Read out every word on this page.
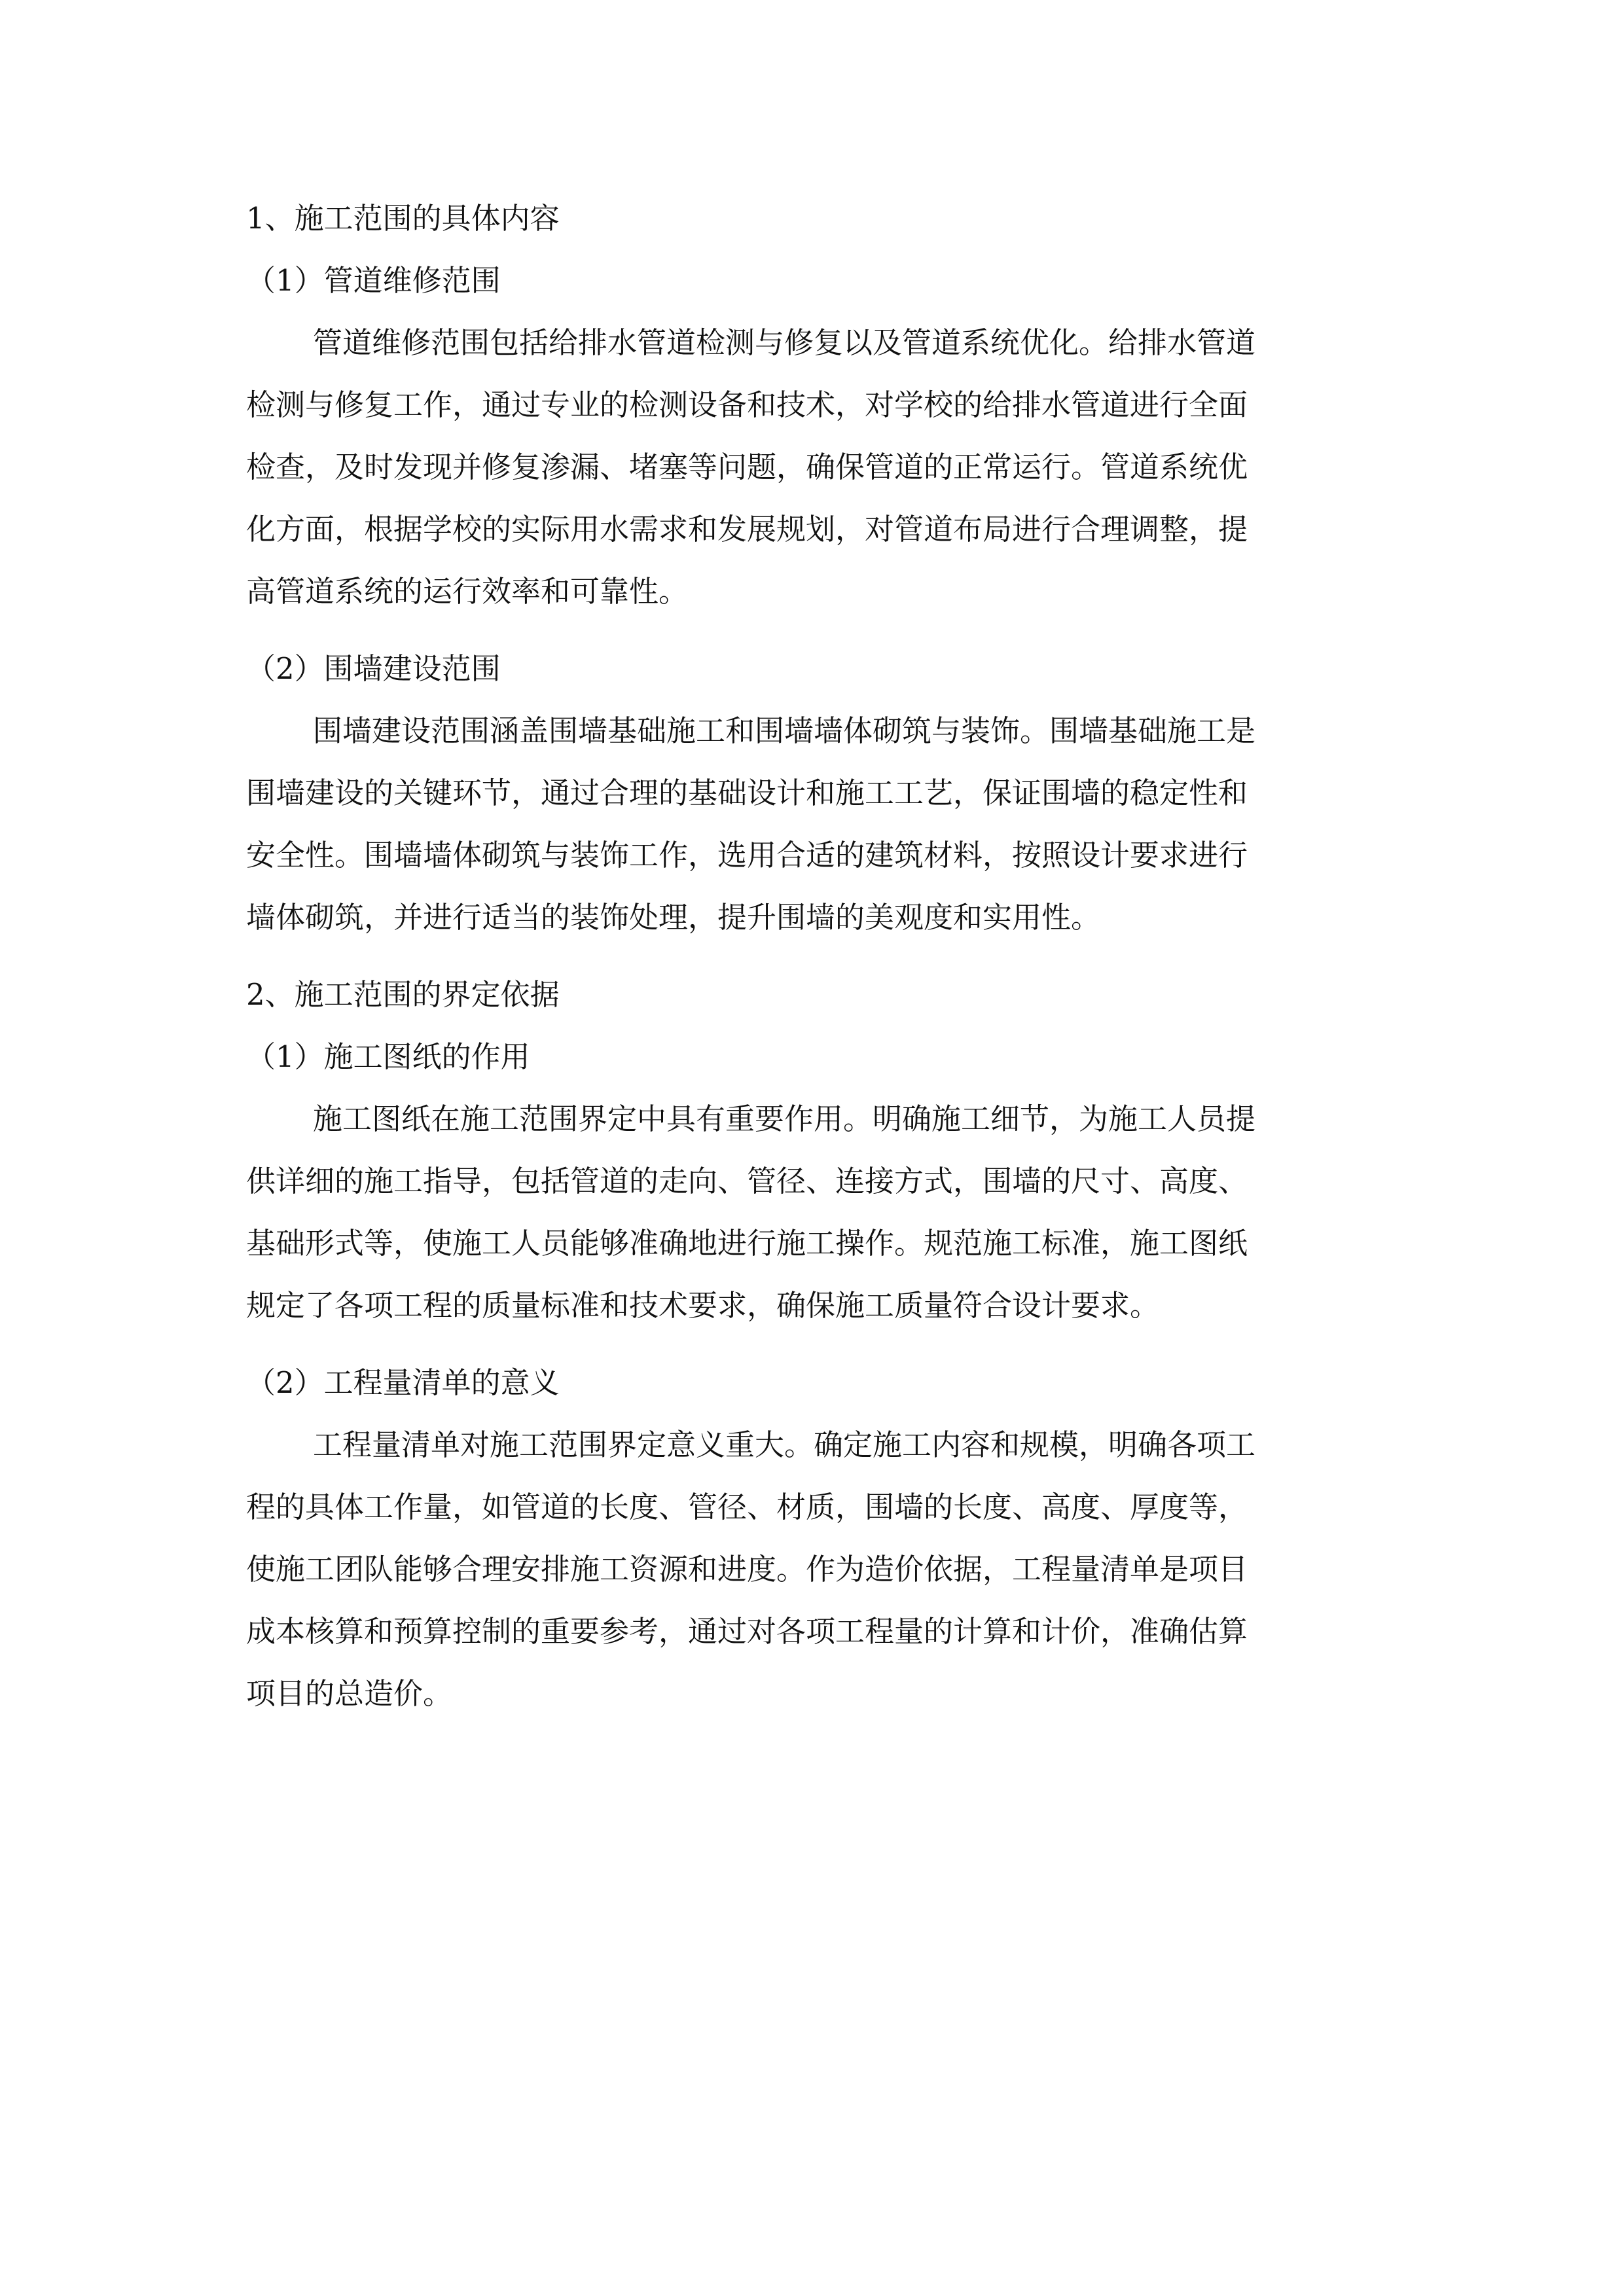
1、施工范围的具体内容
（1）管道维修范围
管道维修范围包括给排水管道检测与修复以及管道系统优化。给排水管道
检测与修复工作，通过专业的检测设备和技术，对学校的给排水管道进行全面
检查，及时发现并修复渗漏、堵塞等问题，确保管道的正常运行。管道系统优
化方面，根据学校的实际用水需求和发展规划，对管道布局进行合理调整，提
高管道系统的运行效率和可靠性。
（2）围墙建设范围
围墙建设范围涵盖围墙基础施工和围墙墙体砌筑与装饰。围墙基础施工是
围墙建设的关键环节，通过合理的基础设计和施工工艺，保证围墙的稳定性和
安全性。围墙墙体砌筑与装饰工作，选用合适的建筑材料，按照设计要求进行
墙体砌筑，并进行适当的装饰处理，提升围墙的美观度和实用性。
2、施工范围的界定依据
（1）施工图纸的作用
施工图纸在施工范围界定中具有重要作用。明确施工细节，为施工人员提
供详细的施工指导，包括管道的走向、管径、连接方式，围墙的尺寸、高度、
基础形式等，使施工人员能够准确地进行施工操作。规范施工标准，施工图纸
规定了各项工程的质量标准和技术要求，确保施工质量符合设计要求。
（2）工程量清单的意义
工程量清单对施工范围界定意义重大。确定施工内容和规模，明确各项工
程的具体工作量，如管道的长度、管径、材质，围墙的长度、高度、厚度等，
使施工团队能够合理安排施工资源和进度。作为造价依据，工程量清单是项目
成本核算和预算控制的重要参考，通过对各项工程量的计算和计价，准确估算
项目的总造价。
